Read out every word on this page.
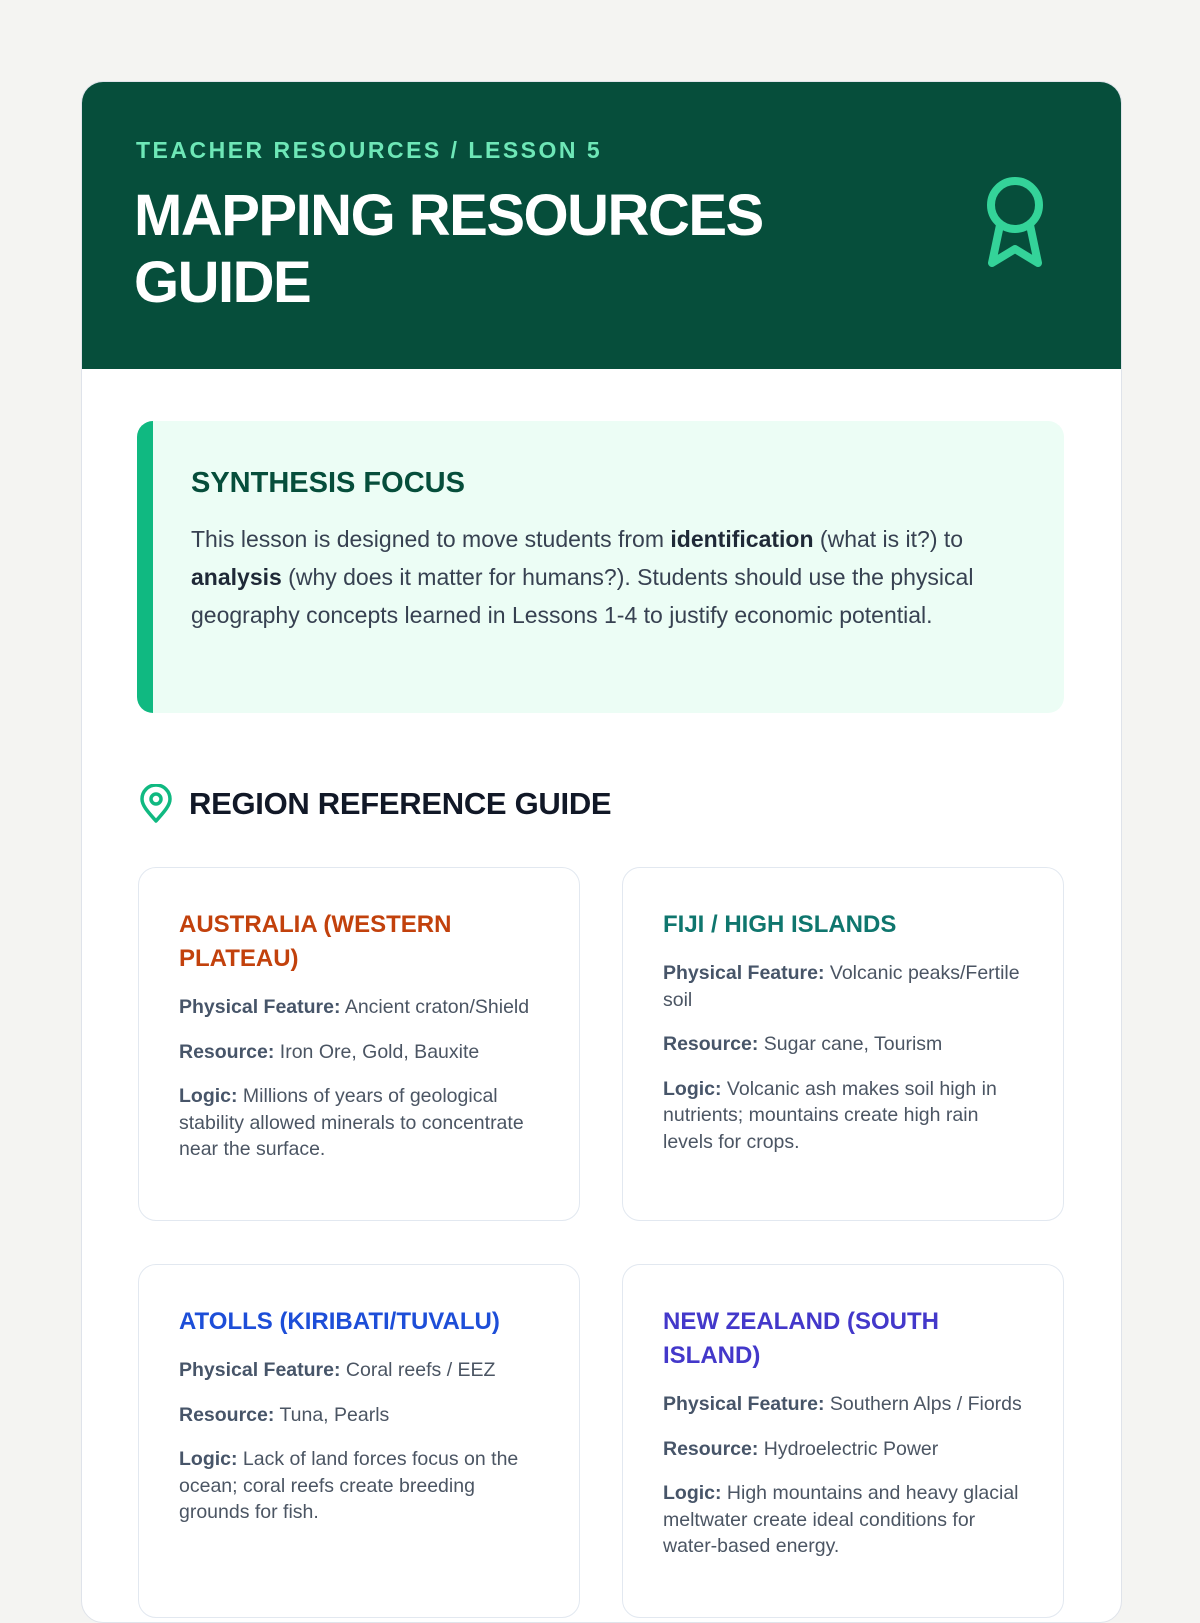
TEACHER RESOURCES / LESSON 5
MAPPING RESOURCES GUIDE
SYNTHESIS FOCUS

This lesson is designed to move students from identification (what is it?) to analysis (why does it matter for humans?). Students should use the physical geography concepts learned in Lessons 1-4 to justify economic potential.

REGION REFERENCE GUIDE
AUSTRALIA (WESTERN PLATEAU)
Physical Feature: Ancient craton/Shield
Resource: Iron Ore, Gold, Bauxite
Logic: Millions of years of geological stability allowed minerals to concentrate near the surface.
FIJI / HIGH ISLANDS
Physical Feature: Volcanic peaks/Fertile soil
Resource: Sugar cane, Tourism
Logic: Volcanic ash makes soil high in nutrients; mountains create high rain levels for crops.
ATOLLS (KIRIBATI/TUVALU)
Physical Feature: Coral reefs / EEZ
Resource: Tuna, Pearls
Logic: Lack of land forces focus on the ocean; coral reefs create breeding grounds for fish.
NEW ZEALAND (SOUTH ISLAND)
Physical Feature: Southern Alps / Fiords
Resource: Hydroelectric Power
Logic: High mountains and heavy glacial meltwater create ideal conditions for water-based energy.
